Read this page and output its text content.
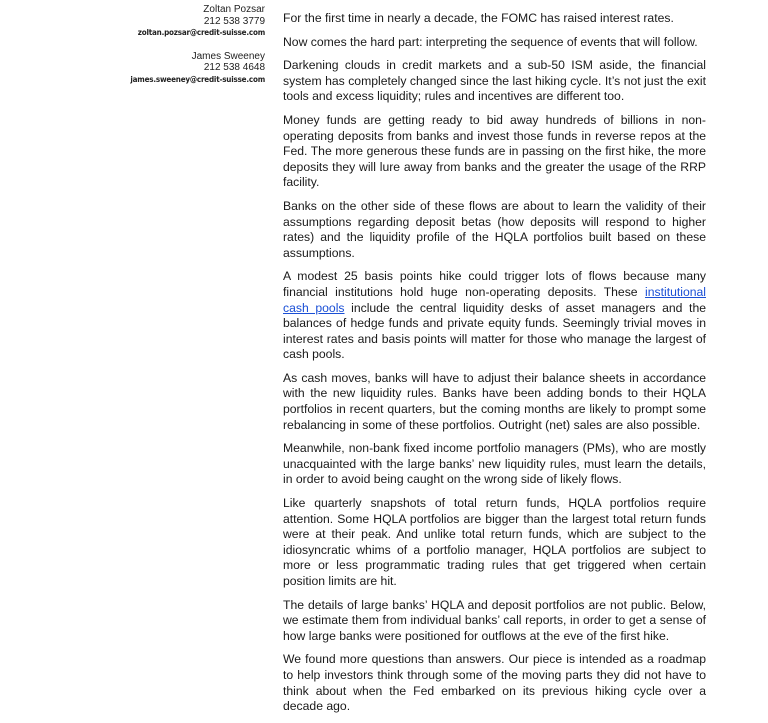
Zoltan Pozsar
212 538 3779
zoltan.pozsar@credit-suisse.com
James Sweeney
212 538 4648
james.sweeney@credit-suisse.com

For the first time in nearly a decade, the FOMC has raised interest rates.

Now comes the hard part: interpreting the sequence of events that will follow.

Darkening clouds in credit markets and a sub-50 ISM aside, the financial system has completely changed since the last hiking cycle. It’s not just the exit tools and excess liquidity; rules and incentives are different too.

Money funds are getting ready to bid away hundreds of billions in non-operating deposits from banks and invest those funds in reverse repos at the Fed. The more generous these funds are in passing on the first hike, the more deposits they will lure away from banks and the greater the usage of the RRP facility.

Banks on the other side of these flows are about to learn the validity of their assumptions regarding deposit betas (how deposits will respond to higher rates) and the liquidity profile of the HQLA portfolios built based on these assumptions.

A modest 25 basis points hike could trigger lots of flows because many financial institutions hold huge non-operating deposits. These institutional cash pools include the central liquidity desks of asset managers and the balances of hedge funds and private equity funds. Seemingly trivial moves in interest rates and basis points will matter for those who manage the largest of cash pools.

As cash moves, banks will have to adjust their balance sheets in accordance with the new liquidity rules. Banks have been adding bonds to their HQLA portfolios in recent quarters, but the coming months are likely to prompt some rebalancing in some of these portfolios. Outright (net) sales are also possible.

Meanwhile, non-bank fixed income portfolio managers (PMs), who are mostly unacquainted with the large banks’ new liquidity rules, must learn the details, in order to avoid being caught on the wrong side of likely flows.

Like quarterly snapshots of total return funds, HQLA portfolios require attention. Some HQLA portfolios are bigger than the largest total return funds were at their peak. And unlike total return funds, which are subject to the idiosyncratic whims of a portfolio manager, HQLA portfolios are subject to more or less programmatic trading rules that get triggered when certain position limits are hit.

The details of large banks’ HQLA and deposit portfolios are not public. Below, we estimate them from individual banks’ call reports, in order to get a sense of how large banks were positioned for outflows at the eve of the first hike.

We found more questions than answers. Our piece is intended as a roadmap to help investors think through some of the moving parts they did not have to think about when the Fed embarked on its previous hiking cycle over a decade ago.
